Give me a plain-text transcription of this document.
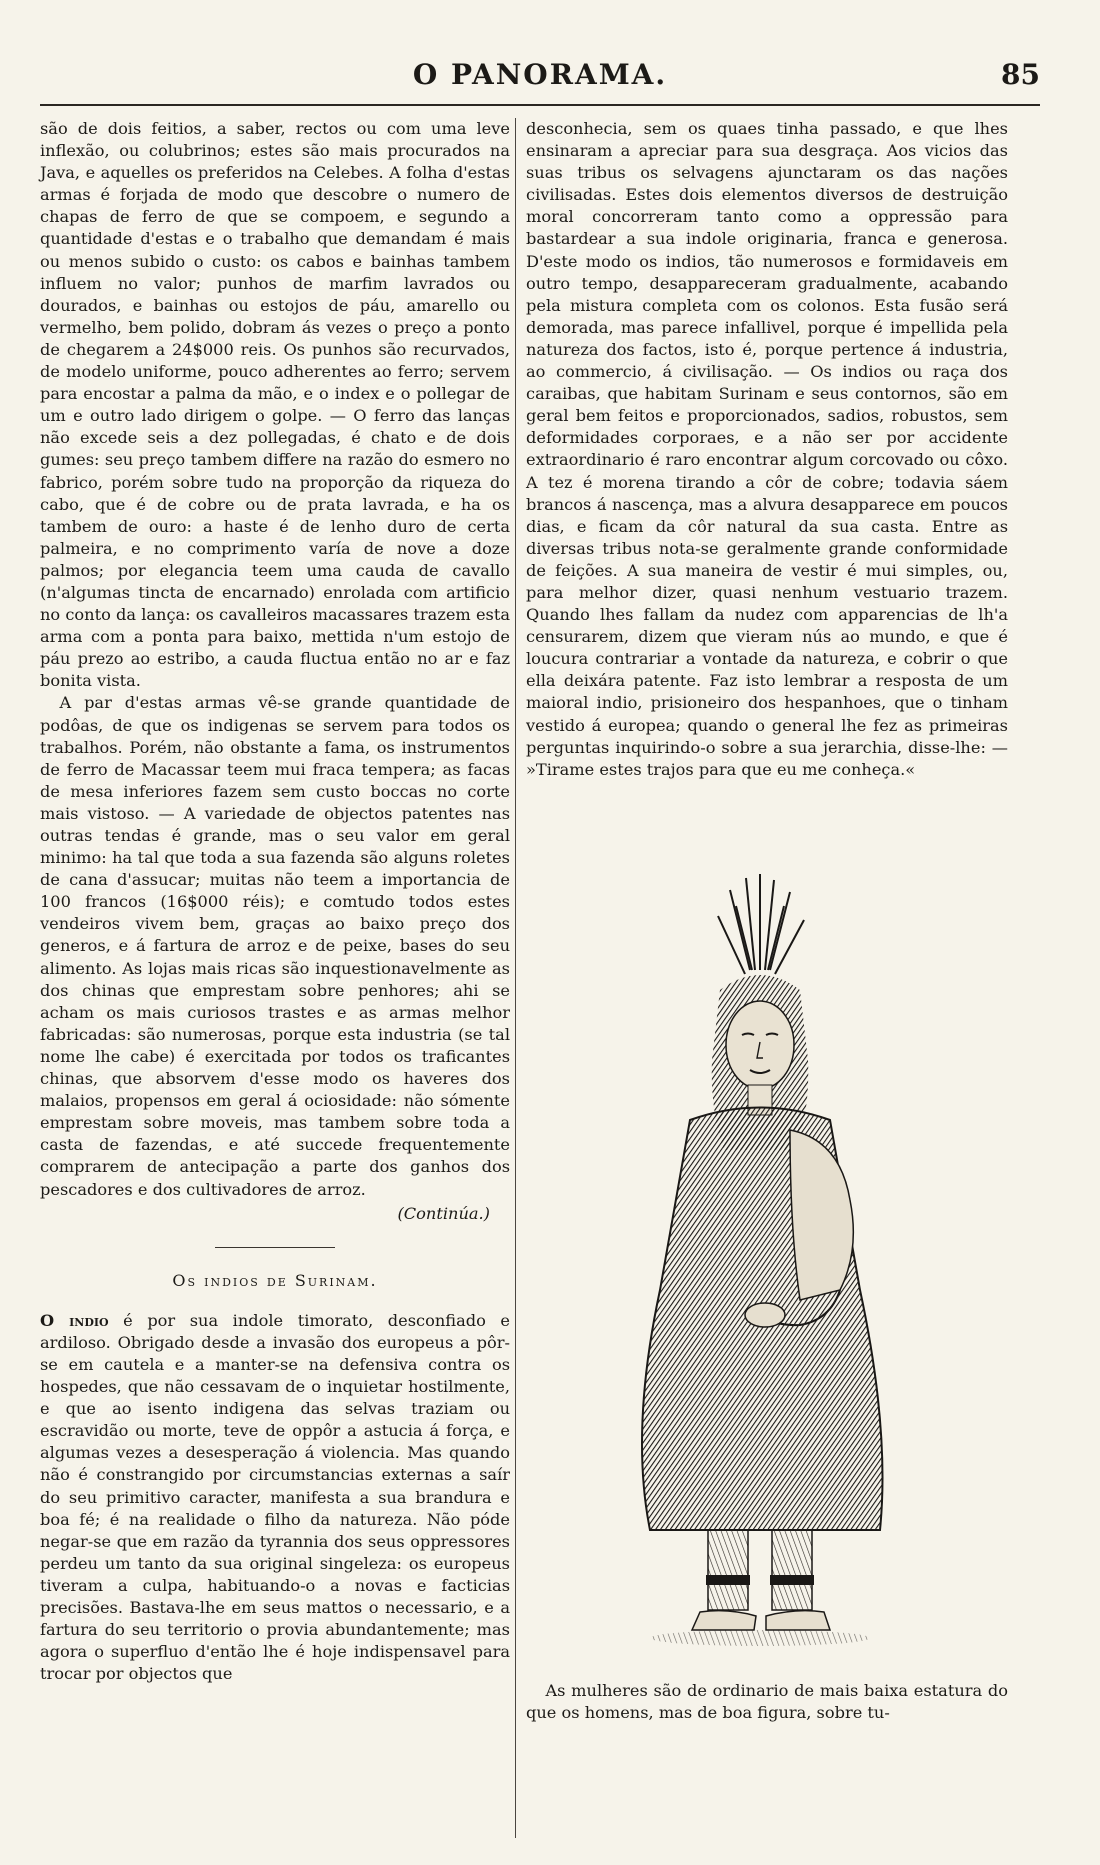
O PANORAMA.	85

são de dois feitios, a saber, rectos ou com uma leve inflexão, ou colubrinos; estes são mais procurados na Java, e aquelles os preferidos na Celebes. A folha d'estas armas é forjada de modo que descobre o numero de chapas de ferro de que se compoem, e segundo a quantidade d'estas e o trabalho que demandam é mais ou menos subido o custo: os cabos e bainhas tambem influem no valor; punhos de marfim lavrados ou dourados, e bainhas ou estojos de páu, amarello ou vermelho, bem polido, dobram ás vezes o preço a ponto de chegarem a 24$000 reis. Os punhos são recurvados, de modelo uniforme, pouco adherentes ao ferro; servem para encostar a palma da mão, e o index e o pollegar de um e outro lado dirigem o golpe. — O ferro das lanças não excede seis a dez pollegadas, é chato e de dois gumes: seu preço tambem differe na razão do esmero no fabrico, porém sobre tudo na proporção da riqueza do cabo, que é de cobre ou de prata lavrada, e ha os tambem de ouro: a haste é de lenho duro de certa palmeira, e no comprimento varía de nove a doze palmos; por elegancia teem uma cauda de cavallo (n'algumas tincta de encarnado) enrolada com artificio no conto da lança: os cavalleiros macassares trazem esta arma com a ponta para baixo, mettida n'um estojo de páu prezo ao estribo, a cauda fluctua então no ar e faz bonita vista.

A par d'estas armas vê-se grande quantidade de podôas, de que os indigenas se servem para todos os trabalhos. Porém, não obstante a fama, os instrumentos de ferro de Macassar teem mui fraca tempera; as facas de mesa inferiores fazem sem custo boccas no corte mais vistoso. — A variedade de objectos patentes nas outras tendas é grande, mas o seu valor em geral minimo: ha tal que toda a sua fazenda são alguns roletes de cana d'assucar; muitas não teem a importancia de 100 francos (16$000 réis); e comtudo todos estes vendeiros vivem bem, graças ao baixo preço dos generos, e á fartura de arroz e de peixe, bases do seu alimento. As lojas mais ricas são inquestionavelmente as dos chinas que emprestam sobre penhores; ahi se acham os mais curiosos trastes e as armas melhor fabricadas: são numerosas, porque esta industria (se tal nome lhe cabe) é exercitada por todos os traficantes chinas, que absorvem d'esse modo os haveres dos malaios, propensos em geral á ociosidade: não sómente emprestam sobre moveis, mas tambem sobre toda a casta de fazendas, e até succede frequentemente comprarem de antecipação a parte dos ganhos dos pescadores e dos cultivadores de arroz.

(Continúa.)

Os indios de Surinam.

O indio é por sua indole timorato, desconfiado e ardiloso. Obrigado desde a invasão dos europeus a pôr-se em cautela e a manter-se na defensiva contra os hospedes, que não cessavam de o inquietar hostilmente, e que ao isento indigena das selvas traziam ou escravidão ou morte, teve de oppôr a astucia á força, e algumas vezes a desesperação á violencia. Mas quando não é constrangido por circumstancias externas a saír do seu primitivo caracter, manifesta a sua brandura e boa fé; é na realidade o filho da natureza. Não póde negar-se que em razão da tyrannia dos seus oppressores perdeu um tanto da sua original singeleza: os europeus tiveram a culpa, habituando-o a novas e facticias precisões. Bastava-lhe em seus mattos o necessario, e a fartura do seu territorio o provia abundantemente; mas agora o superfluo d'então lhe é hoje indispensavel para trocar por objectos que

desconhecia, sem os quaes tinha passado, e que lhes ensinaram a apreciar para sua desgraça. Aos vicios das suas tribus os selvagens ajunctaram os das nações civilisadas. Estes dois elementos diversos de destruição moral concorreram tanto como a oppressão para bastardear a sua indole originaria, franca e generosa. D'este modo os indios, tão numerosos e formidaveis em outro tempo, desappareceram gradualmente, acabando pela mistura completa com os colonos. Esta fusão será demorada, mas parece infallivel, porque é impellida pela natureza dos factos, isto é, porque pertence á industria, ao commercio, á civilisação. — Os indios ou raça dos caraibas, que habitam Surinam e seus contornos, são em geral bem feitos e proporcionados, sadios, robustos, sem deformidades corporaes, e a não ser por accidente extraordinario é raro encontrar algum corcovado ou côxo. A tez é morena tirando a côr de cobre; todavia sáem brancos á nascença, mas a alvura desapparece em poucos dias, e ficam da côr natural da sua casta. Entre as diversas tribus nota-se geralmente grande conformidade de feições. A sua maneira de vestir é mui simples, ou, para melhor dizer, quasi nenhum vestuario trazem. Quando lhes fallam da nudez com apparencias de lh'a censurarem, dizem que vieram nús ao mundo, e que é loucura contrariar a vontade da natureza, e cobrir o que ella deixára patente. Faz isto lembrar a resposta de um maioral indio, prisioneiro dos hespanhoes, que o tinham vestido á europea; quando o general lhe fez as primeiras perguntas inquirindo-o sobre a sua jerarchia, disse-lhe: — »Tirame estes trajos para que eu me conheça.«

As mulheres são de ordinario de mais baixa estatura do que os homens, mas de boa figura, sobre tu-
